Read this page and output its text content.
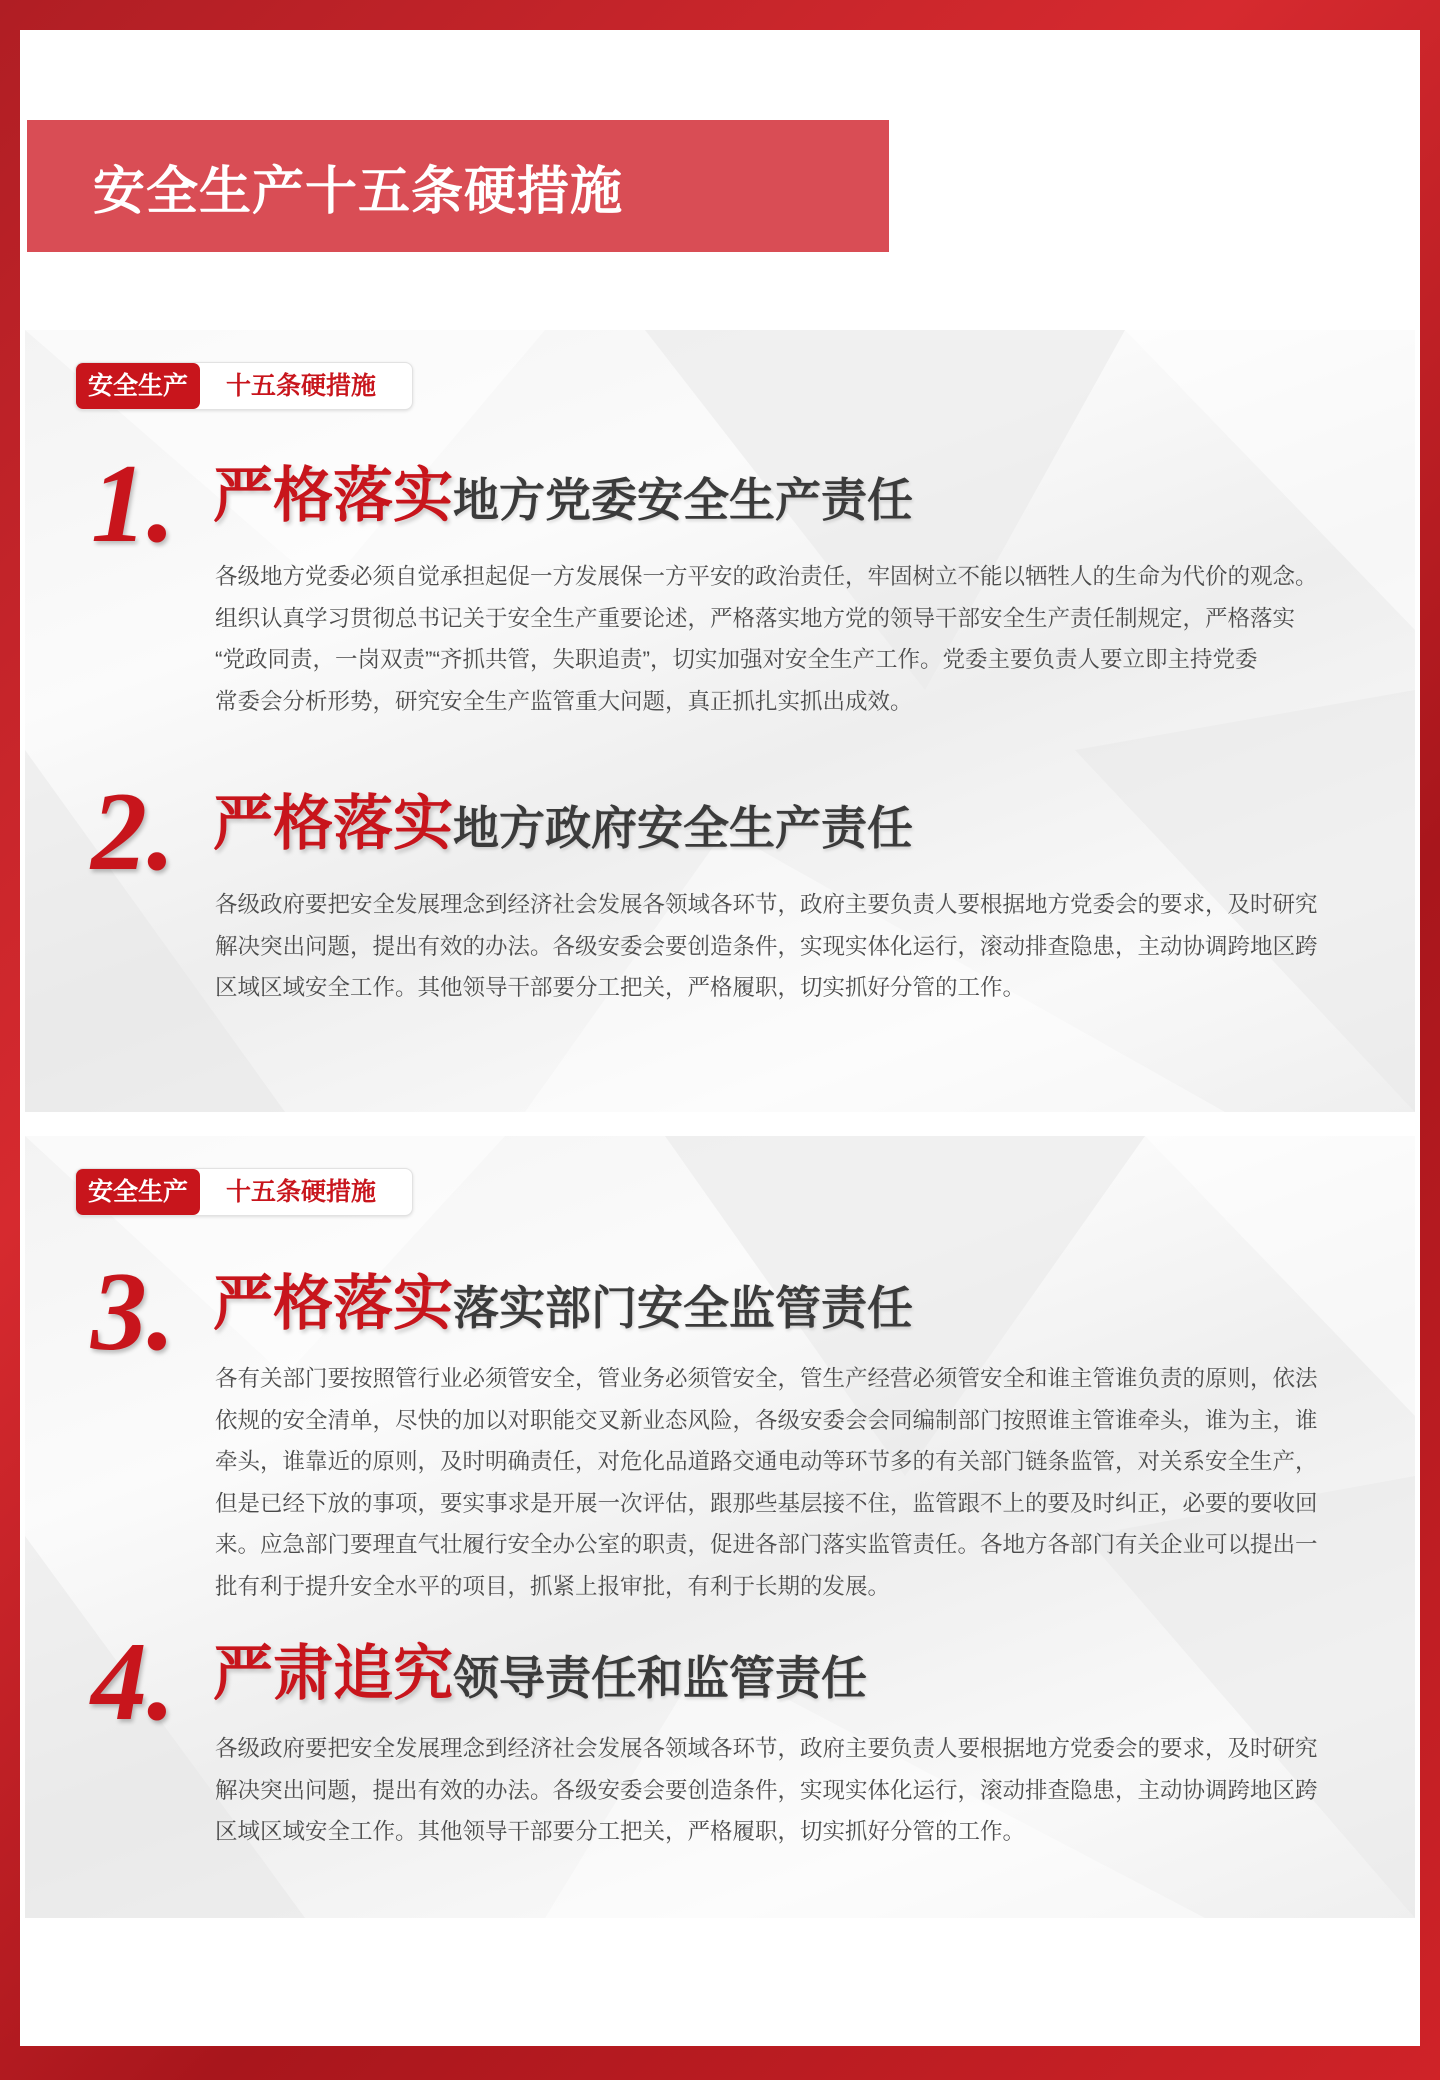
安全生产十五条硬措施
安全生产	十五条硬措施
1. 严格落实地方党委安全生产责任
各级地方党委必须自觉承担起促一方发展保一方平安的政治责任，牢固树立不能以牺牲人的生命为代价的观念。
组织认真学习贯彻总书记关于安全生产重要论述，严格落实地方党的领导干部安全生产责任制规定，严格落实
“党政同责，一岗双责”“齐抓共管，失职追责”，切实加强对安全生产工作。党委主要负责人要立即主持党委
常委会分析形势，研究安全生产监管重大问题，真正抓扎实抓出成效。
2. 严格落实地方政府安全生产责任
各级政府要把安全发展理念到经济社会发展各领域各环节，政府主要负责人要根据地方党委会的要求，及时研究
解决突出问题，提出有效的办法。各级安委会要创造条件，实现实体化运行，滚动排查隐患，主动协调跨地区跨
区域区域安全工作。其他领导干部要分工把关，严格履职，切实抓好分管的工作。
安全生产	十五条硬措施
3. 严格落实落实部门安全监管责任
各有关部门要按照管行业必须管安全，管业务必须管安全，管生产经营必须管安全和谁主管谁负责的原则，依法
依规的安全清单，尽快的加以对职能交叉新业态风险，各级安委会会同编制部门按照谁主管谁牵头，谁为主，谁
牵头，谁靠近的原则，及时明确责任，对危化品道路交通电动等环节多的有关部门链条监管，对关系安全生产，
但是已经下放的事项，要实事求是开展一次评估，跟那些基层接不住，监管跟不上的要及时纠正，必要的要收回
来。应急部门要理直气壮履行安全办公室的职责，促进各部门落实监管责任。各地方各部门有关企业可以提出一
批有利于提升安全水平的项目，抓紧上报审批，有利于长期的发展。
4. 严肃追究领导责任和监管责任
各级政府要把安全发展理念到经济社会发展各领域各环节，政府主要负责人要根据地方党委会的要求，及时研究
解决突出问题，提出有效的办法。各级安委会要创造条件，实现实体化运行，滚动排查隐患，主动协调跨地区跨
区域区域安全工作。其他领导干部要分工把关，严格履职，切实抓好分管的工作。
